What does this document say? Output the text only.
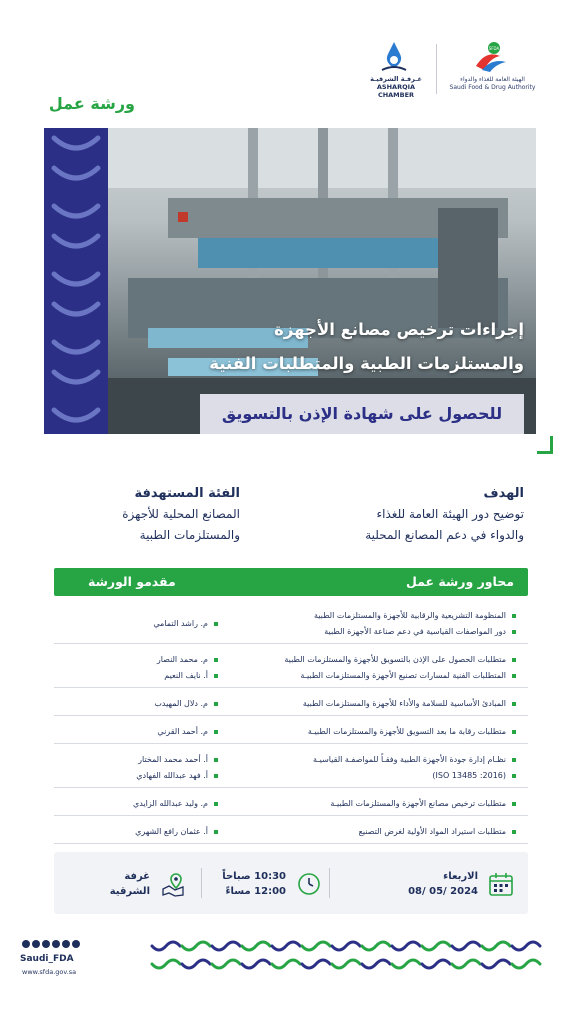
SFDA
الهيئة العامة للغذاء والدواء
Saudi Food & Drug Authority
غـرفـة الشرقيـة
ASHARQIA CHAMBER
ورشة عمل
إجراءات ترخيص مصانع الأجهزة
والمستلزمات الطبية والمتطلبات الفنية
للحصول على شهادة الإذن بالتسويق
الهدف
توضيح دور الهيئة العامة للغذاء
والدواء في دعم المصانع المحلية
الفئة المستهدفة
المصانع المحلية للأجهزة
والمستلزمات الطبية
محاور ورشة عمل
مقدمو الورشة
المنظومة التشريعية والرقابية للأجهزة والمستلزمات الطبية
دور المواصفات القياسية في دعم صناعة الأجهزة الطبية
م. راشد التمامي
متطلبات الحصول على الإذن بالتسويق للأجهزة والمستلزمات الطبية
المتطلبات الفنية لمسارات تصنيع الأجهزة والمستلزمات الطبيـة
م. محمد النصار
أ. نايف النعيم
المبادئ الأساسية للسلامة والأداء للأجهزة والمستلزمات الطبية
م. دلال المهيدب
متطلبات رقابة ما بعد التسويق للأجهزة والمستلزمات الطبيـة
م. أحمد القرني
نظـام إدارة جودة الأجهزة الطبية وفقـاً للمواصفـة القياسيـة
(ISO 13485 :2016)
أ. أحمد محمد المختار
أ. فهد عبدالله الفهادي
متطلبات ترخيص مصانع الأجهزة والمستلزمات الطبيـة
م. وليد عبدالله الزايدي
متطلبات استيراد المواد الأولية لغرض التصنيع
أ. عثمان رافع الشهري
الاربعاء
08/ 05/ 2024
10:30 صباحاً
12:00 مساءً
غرفة
الشرقية
Saudi_FDA
www.sfda.gov.sa
